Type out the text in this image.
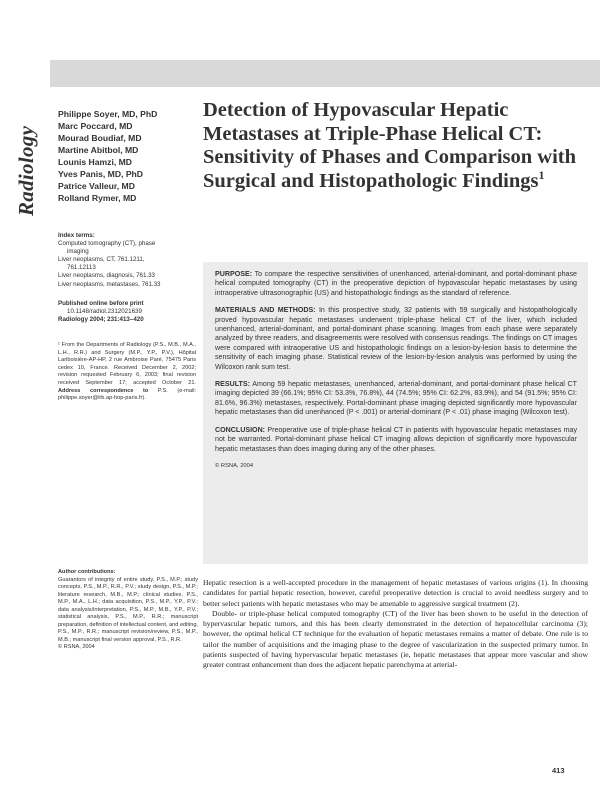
Radiology
Philippe Soyer, MD, PhD
Marc Poccard, MD
Mourad Boudiaf, MD
Martine Abitbol, MD
Lounis Hamzi, MD
Yves Panis, MD, PhD
Patrice Valleur, MD
Rolland Rymer, MD
Index terms:
Computed tomography (CT), phase
imaging
Liver neoplasms, CT, 761.1211,
761.12113
Liver neoplasms, diagnosis, 761.33
Liver neoplasms, metastases, 761.33
Published online before print
10.1148/radiol.2312021639
Radiology 2004; 231:413–420
¹ From the Departments of Radiology (P.S., M.B., M.A., L.H., R.R.) and Surgery (M.P., Y.P., P.V.), Hôpital Lariboisière-AP-HP, 2 rue Ambroise Paré, 75475 Paris cedex 10, France. Received December 2, 2002; revision requested February 6, 2003; final revision received September 17; accepted October 21. Address correspondence to P.S. (e-mail: philippe.soyer@lrb.ap-hop-paris.fr).
Author contributions:
Guarantors of integrity of entire study, P.S., M.P.; study concepts, P.S., M.P., R.R., P.V.; study design, P.S., M.P.; literature research, M.B., M.P.; clinical studies, P.S., M.P., M.A., L.H.; data acquisition, P.S., M.P., Y.P., P.V.; data analysis/interpretation, P.S., M.P., M.B., Y.P., P.V.; statistical analysis, P.S., M.P., R.R.; manuscript preparation, definition of intellectual content, and editing, P.S., M.P., R.R.; manuscript revision/review, P.S., M.P., M.B.; manuscript final version approval, P.S., R.R.
© RSNA, 2004
Detection of Hypovascular Hepatic Metastases at Triple-Phase Helical CT: Sensitivity of Phases and Comparison with Surgical and Histopathologic Findings$^1$

PURPOSE: To compare the respective sensitivities of unenhanced, arterial-dominant, and portal-dominant phase helical computed tomography (CT) in the preoperative depiction of hypovascular hepatic metastases by using intraoperative ultrasonographic (US) and histopathologic findings as the standard of reference.

MATERIALS AND METHODS: In this prospective study, 32 patients with 59 surgically and histopathologically proved hypovascular hepatic metastases underwent triple-phase helical CT of the liver, which included unenhanced, arterial-dominant, and portal-dominant phase scanning. Images from each phase were separately analyzed by three readers, and disagreements were resolved with consensus readings. The findings on CT images were compared with intraoperative US and histopathologic findings on a lesion-by-lesion basis to determine the sensitivity of each imaging phase. Statistical review of the lesion-by-lesion analysis was performed by using the Wilcoxon rank sum test.

RESULTS: Among 59 hepatic metastases, unenhanced, arterial-dominant, and portal-dominant phase helical CT imaging depicted 39 (66.1%; 95% CI: 53.3%, 76.8%), 44 (74.5%; 95% CI: 62.2%, 83.9%), and 54 (91.5%; 95% CI: 81.6%, 96.3%) metastases, respectively. Portal-dominant phase imaging depicted significantly more hypovascular hepatic metastases than did unenhanced (P < .001) or arterial-dominant (P < .01) phase imaging (Wilcoxon test).

CONCLUSION: Preoperative use of triple-phase helical CT in patients with hypovascular hepatic metastases may not be warranted. Portal-dominant phase helical CT imaging allows depiction of significantly more hypovascular hepatic metastases than does imaging during any of the other phases.

© RSNA, 2004

Hepatic resection is a well-accepted procedure in the management of hepatic metastases of various origins (1). In choosing candidates for partial hepatic resection, however, careful preoperative detection is crucial to avoid needless surgery and to better select patients with hepatic metastases who may be amenable to aggressive surgical treatment (2).

Double- or triple-phase helical computed tomography (CT) of the liver has been shown to be useful in the detection of hypervascular hepatic tumors, and this has been clearly demonstrated in the detection of hepatocellular carcinoma (3); however, the optimal helical CT technique for the evaluation of hepatic metastases remains a matter of debate. One rule is to tailor the number of acquisitions and the imaging phase to the degree of vascularization in the suspected primary tumor. In patients suspected of having hypervascular hepatic metastases (ie, hepatic metastases that appear more vascular and show greater contrast enhancement than does the adjacent hepatic parenchyma at arterial-

413
